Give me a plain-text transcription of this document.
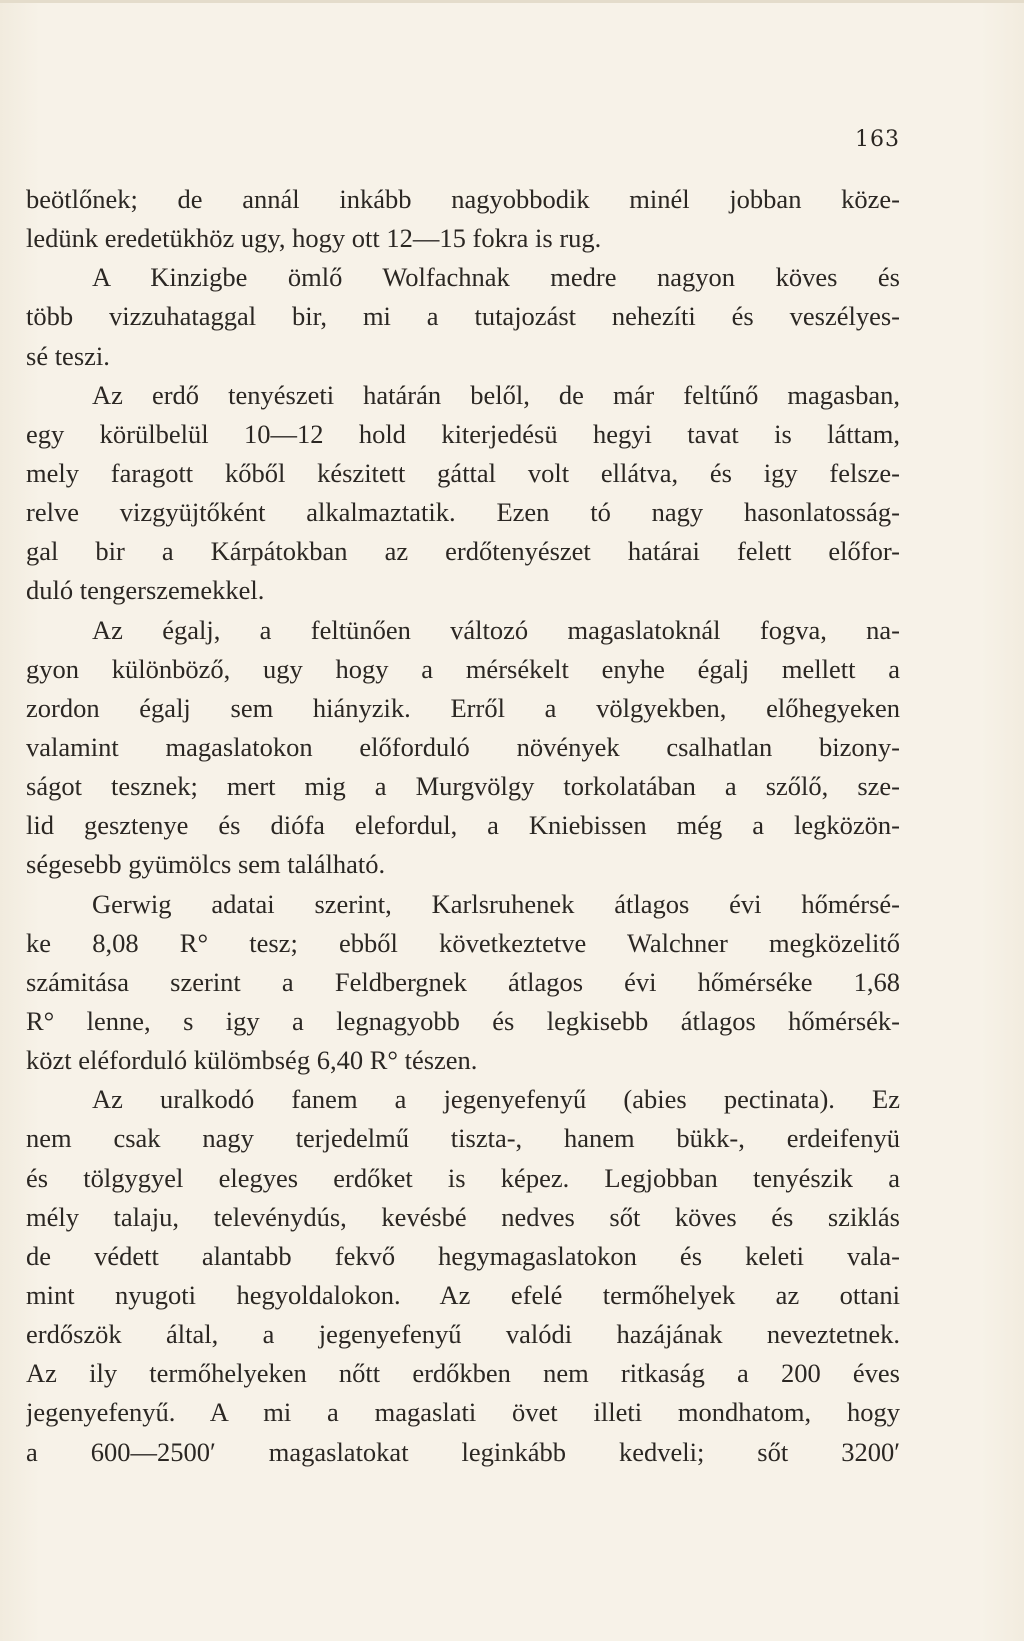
163
beötlőnek; de annál inkább nagyobbodik minél jobban köze-
ledünk eredetükhöz ugy, hogy ott 12—15 fokra is rug.
A Kinzigbe ömlő Wolfachnak medre nagyon köves és
több vizzuhataggal bir, mi a tutajozást nehezíti és veszélyes-
sé teszi.
Az erdő tenyészeti határán belől, de már feltűnő magasban,
egy körülbelül 10—12 hold kiterjedésü hegyi tavat is láttam,
mely faragott kőből készitett gáttal volt ellátva, és igy felsze-
relve vizgyüjtőként alkalmaztatik. Ezen tó nagy hasonlatosság-
gal bir a Kárpátokban az erdőtenyészet határai felett előfor-
duló tengerszemekkel.
Az égalj, a feltünően változó magaslatoknál fogva, na-
gyon különböző, ugy hogy a mérsékelt enyhe égalj mellett a
zordon égalj sem hiányzik. Erről a völgyekben, előhegyeken
valamint magaslatokon előforduló növények csalhatlan bizony-
ságot tesznek; mert mig a Murgvölgy torkolatában a szőlő, sze-
lid gesztenye és diófa elefordul, a Kniebissen még a legközön-
ségesebb gyümölcs sem található.
Gerwig adatai szerint, Karlsruhenek átlagos évi hőmérsé-
ke 8,08 R° tesz; ebből következtetve Walchner megközelitő
számitása szerint a Feldbergnek átlagos évi hőmérséke 1,68
R° lenne, s igy a legnagyobb és legkisebb átlagos hőmérsék-
közt eléforduló külömbség 6,40 R° tészen.
Az uralkodó fanem a jegenyefenyű (abies pectinata). Ez
nem csak nagy terjedelmű tiszta-, hanem bükk-, erdeifenyü
és tölgygyel elegyes erdőket is képez. Legjobban tenyészik a
mély talaju, televénydús, kevésbé nedves sőt köves és sziklás
de védett alantabb fekvő hegymagaslatokon és keleti vala-
mint nyugoti hegyoldalokon. Az efelé termőhelyek az ottani
erdőszök által, a jegenyefenyű valódi hazájának neveztetnek.
Az ily termőhelyeken nőtt erdőkben nem ritkaság a 200 éves
jegenyefenyű. A mi a magaslati övet illeti mondhatom, hogy
a 600—2500′ magaslatokat leginkább kedveli; sőt 3200′
